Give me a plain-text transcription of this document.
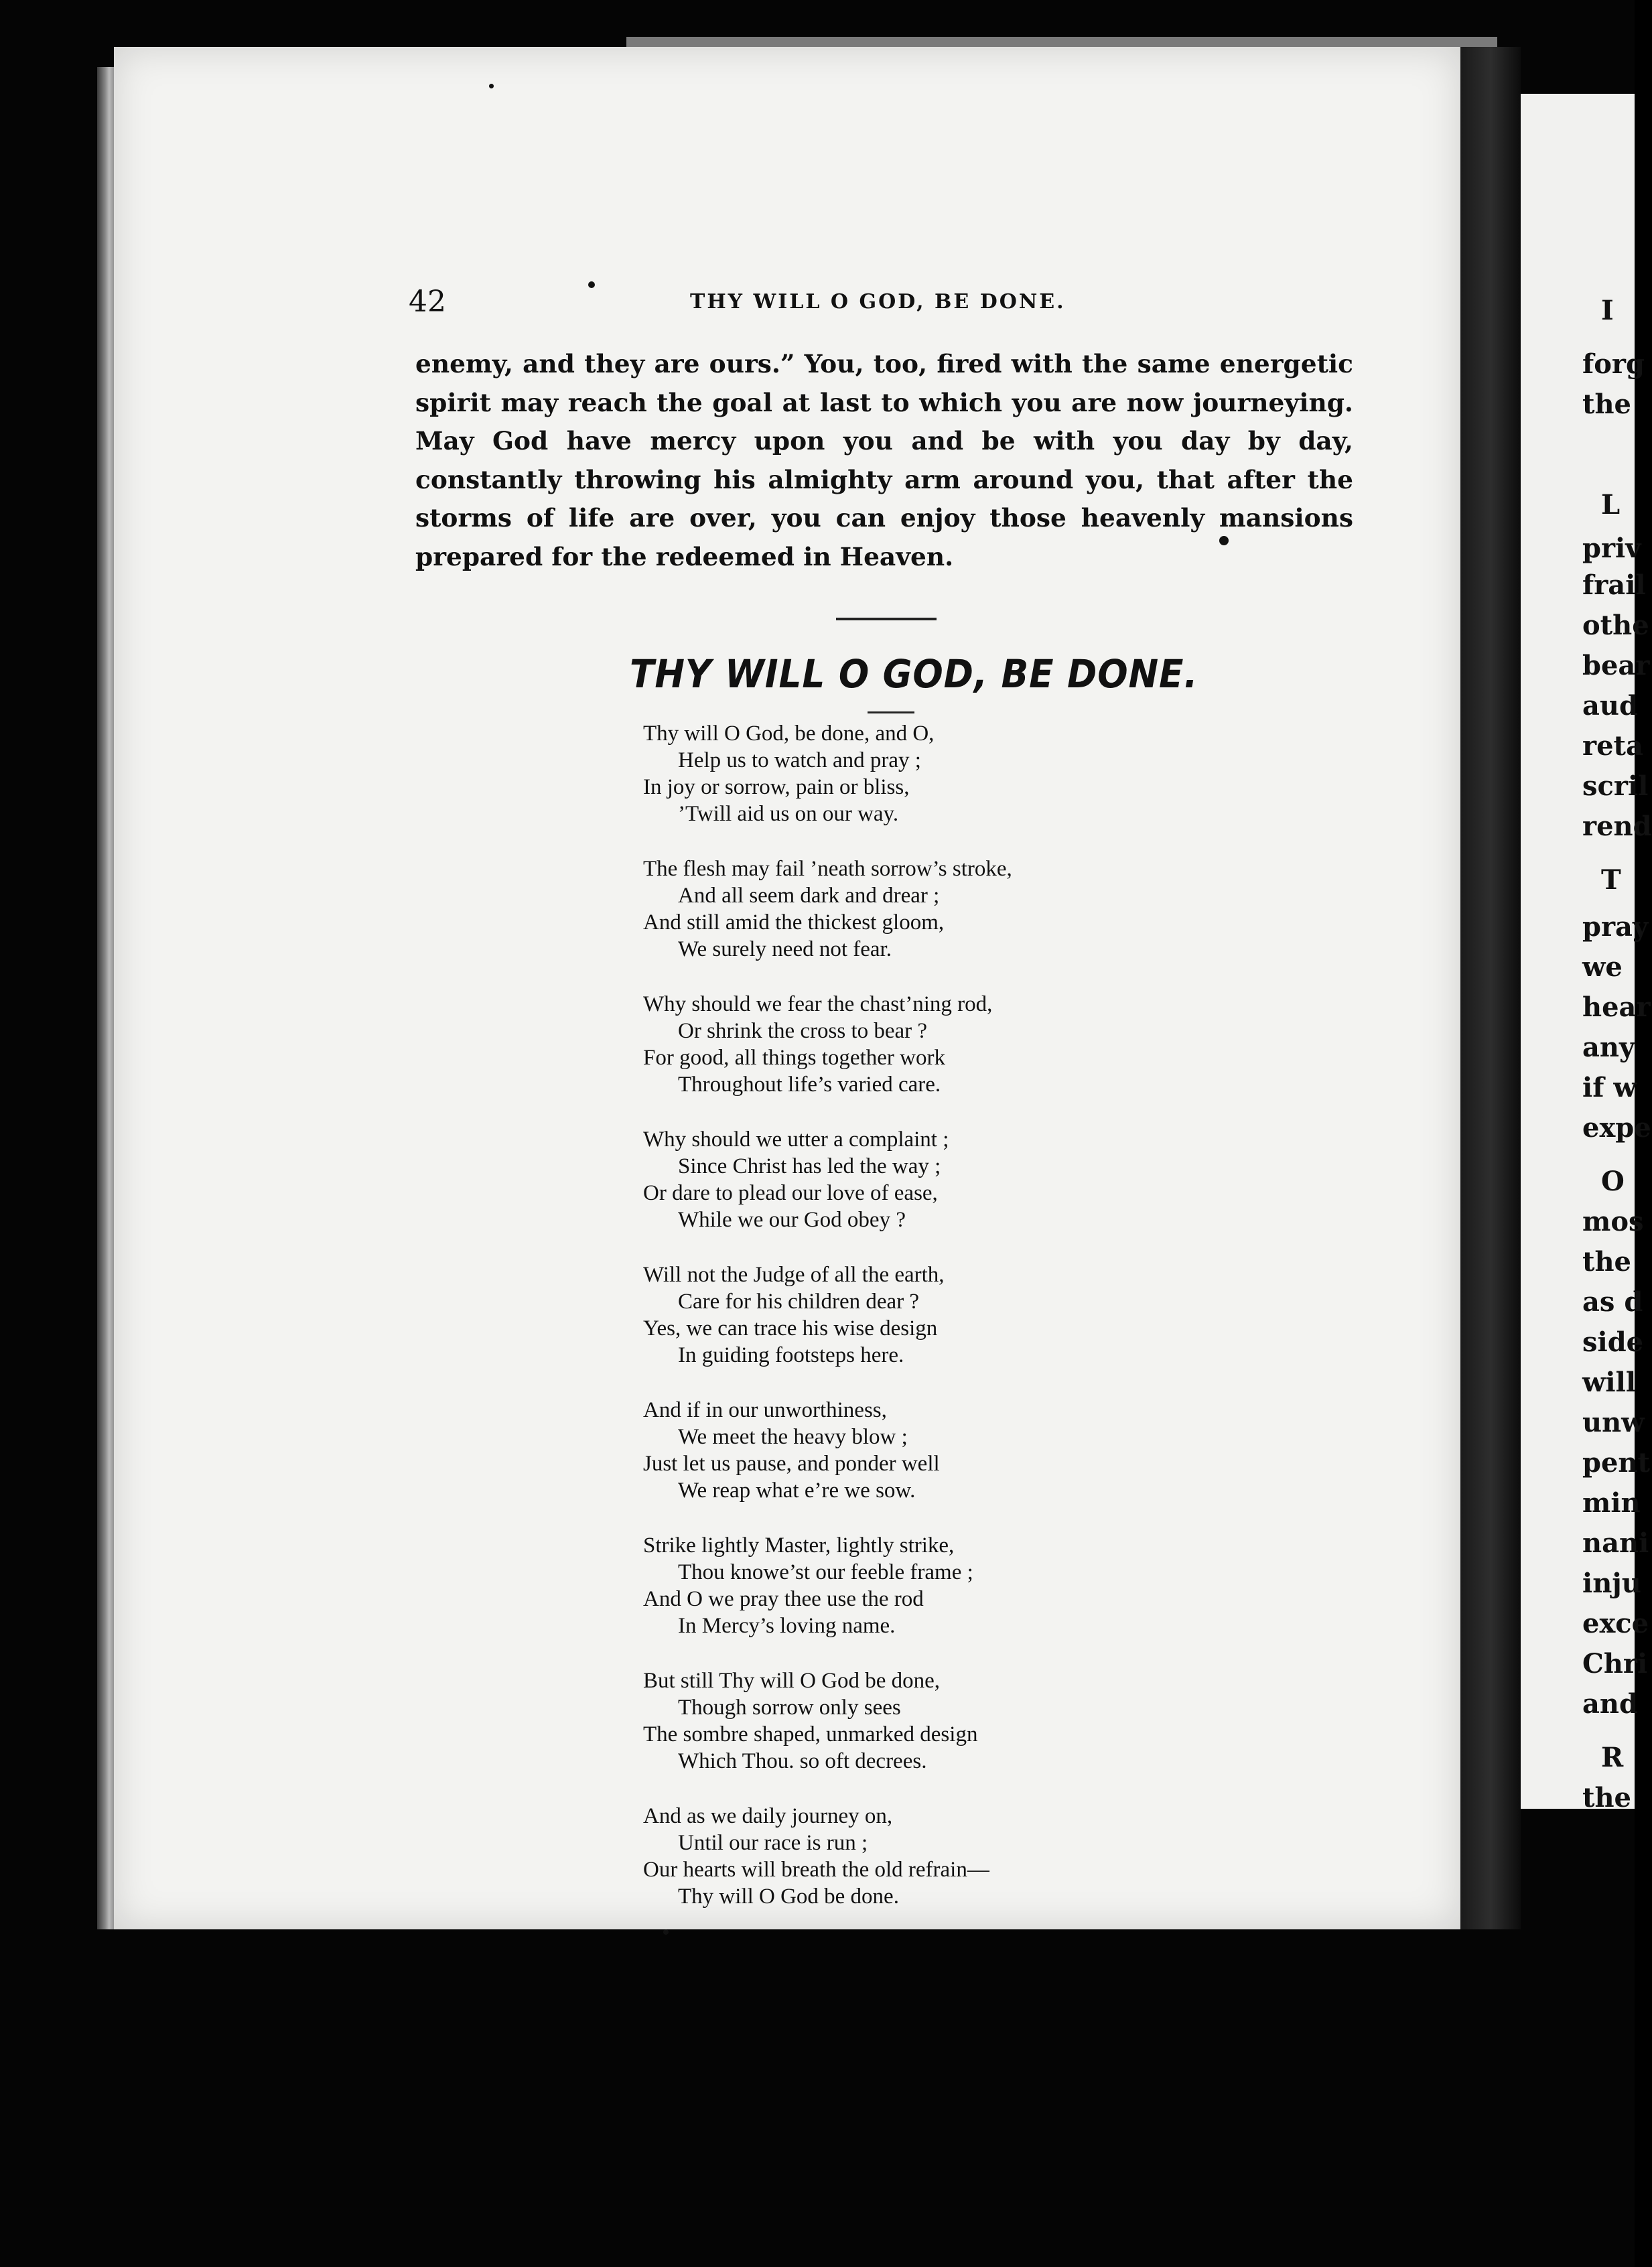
I
forg
the
L
priv
frail
othe
bear
aud
reta
scril
rend
T
pray
we
hear
any
if w
expe
O
mos
the
as d
side
will
unw
pent
min
nani
inju
exce
Chri
and
R
the
42	THY WILL O GOD, BE DONE.

enemy, and they are ours.” You, too, fired with the same energetic spirit may reach the goal at last to which you are now journeying. May God have mercy upon you and be with you day by day, constantly throwing his almighty arm around you, that after the storms of life are over, you can enjoy those heavenly mansions prepared for the redeemed in Heaven.

THY WILL O GOD, BE DONE.
Thy will O God, be done, and O,
Help us to watch and pray ;
In joy or sorrow, pain or bliss,
’Twill aid us on our way.
The flesh may fail ’neath sorrow’s stroke,
And all seem dark and drear ;
And still amid the thickest gloom,
We surely need not fear.
Why should we fear the chast’ning rod,
Or shrink the cross to bear ?
For good, all things together work
Throughout life’s varied care.
Why should we utter a complaint ;
Since Christ has led the way ;
Or dare to plead our love of ease,
While we our God obey ?
Will not the Judge of all the earth,
Care for his children dear ?
Yes, we can trace his wise design
In guiding footsteps here.
And if in our unworthiness,
We meet the heavy blow ;
Just let us pause, and ponder well
We reap what e’re we sow.
Strike lightly Master, lightly strike,
Thou knowe’st our feeble frame ;
And O we pray thee use the rod
In Mercy’s loving name.
But still Thy will O God be done,
Though sorrow only sees
The sombre shaped, unmarked design
Which Thou. so oft decrees.
And as we daily journey on,
Until our race is run ;
Our hearts will breath the old refrain—
Thy will O God be done.
